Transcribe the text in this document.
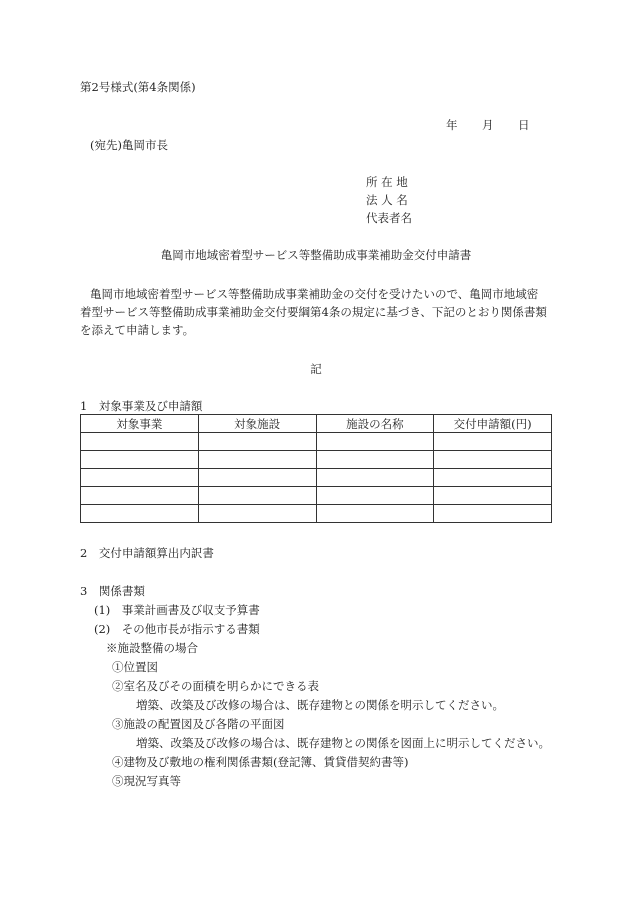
第2号様式(第4条関係)
年 月 日
(宛先)亀岡市長
所 在 地
法 人 名
代表者名
亀岡市地域密着型サービス等整備助成事業補助金交付申請書
亀岡市地域密着型サービス等整備助成事業補助金の交付を受けたいので、亀岡市地域密
着型サービス等整備助成事業補助金交付要綱第4条の規定に基づき、下記のとおり関係書類
を添えて申請します。
記
1　対象事業及び申請額
対象事業	対象施設	施設の名称	交付申請額(円)

2　交付申請額算出内訳書
3　関係書類
(1)　事業計画書及び収支予算書
(2)　その他市長が指示する書類
※施設整備の場合
①位置図
②室名及びその面積を明らかにできる表
増築、改築及び改修の場合は、既存建物との関係を明示してください。
③施設の配置図及び各階の平面図
増築、改築及び改修の場合は、既存建物との関係を図面上に明示してください。
④建物及び敷地の権利関係書類(登記簿、賃貸借契約書等)
⑤現況写真等
